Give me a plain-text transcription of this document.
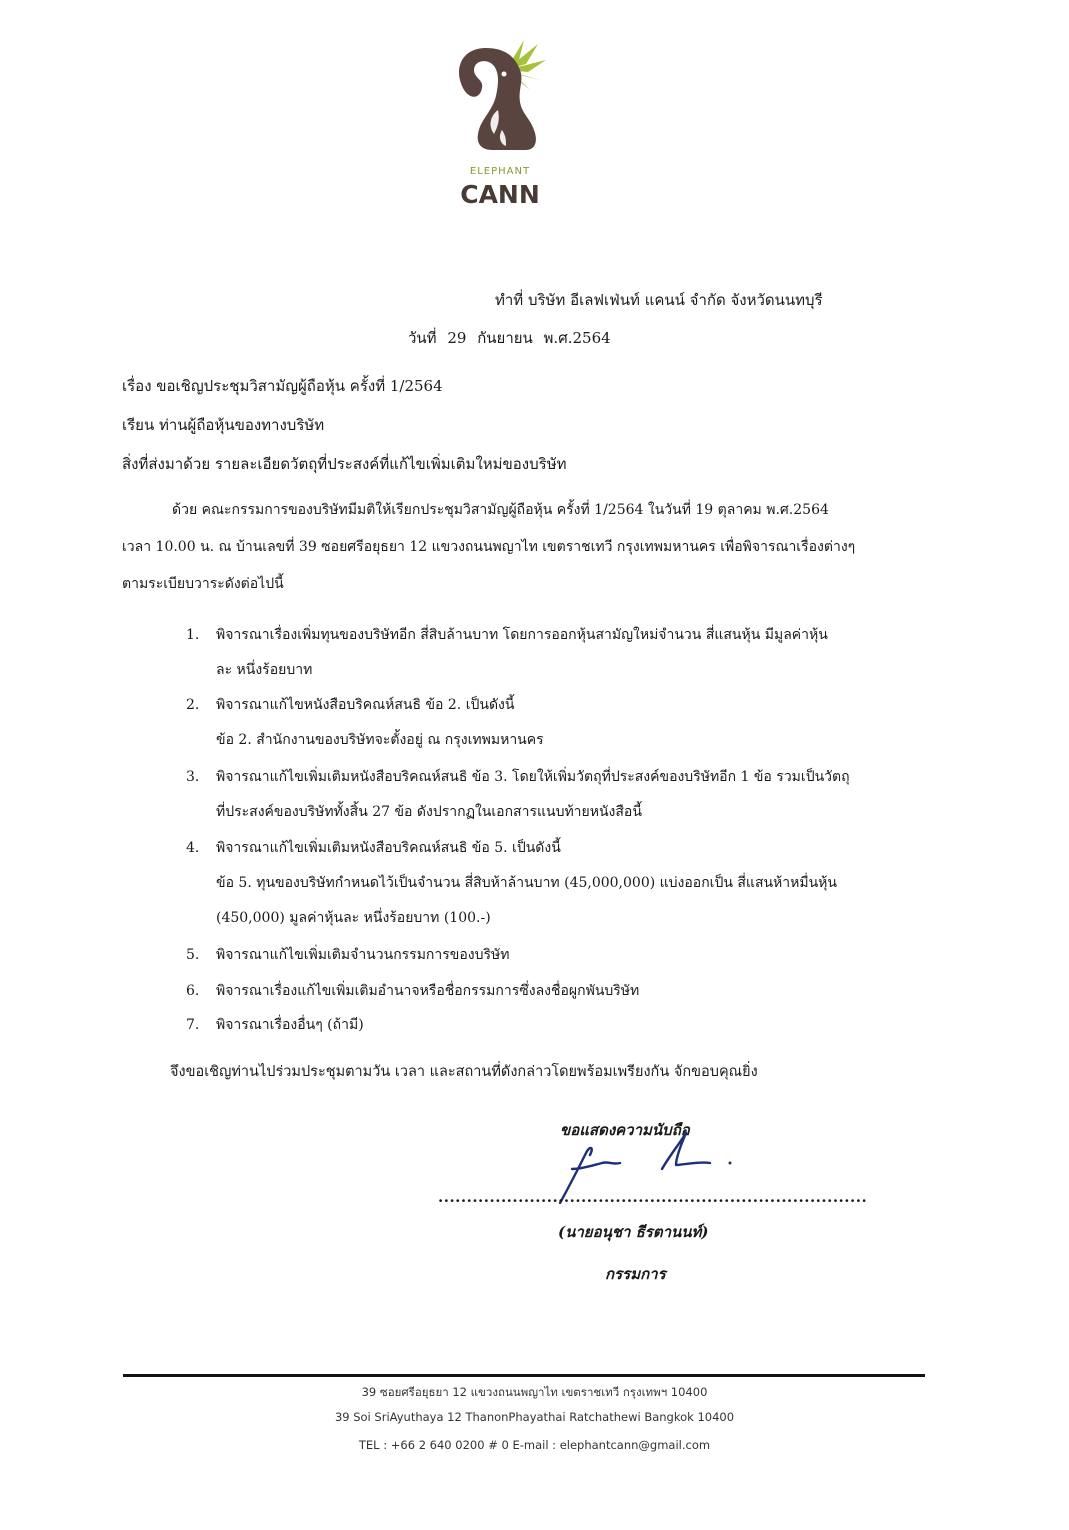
ELEPHANT
CANN
ทำที่ บริษัท อีเลฟเฟ่นท์ แคนน์ จำกัด จังหวัดนนทบุรี
วันที่ 29 กันยายน พ.ศ.2564
เรื่อง ขอเชิญประชุมวิสามัญผู้ถือหุ้น ครั้งที่ 1/2564
เรียน ท่านผู้ถือหุ้นของทางบริษัท
สิ่งที่ส่งมาด้วย รายละเอียดวัตถุที่ประสงค์ที่แก้ไขเพิ่มเติมใหม่ของบริษัท
ด้วย คณะกรรมการของบริษัทมีมติให้เรียกประชุมวิสามัญผู้ถือหุ้น ครั้งที่ 1/2564 ในวันที่ 19 ตุลาคม พ.ศ.2564
เวลา 10.00 น. ณ บ้านเลขที่ 39 ซอยศรีอยุธยา 12 แขวงถนนพญาไท เขตราชเทวี กรุงเทพมหานคร เพื่อพิจารณาเรื่องต่างๆ
ตามระเบียบวาระดังต่อไปนี้
1.	พิจารณาเรื่องเพิ่มทุนของบริษัทอีก สี่สิบล้านบาท โดยการออกหุ้นสามัญใหม่จำนวน สี่แสนหุ้น มีมูลค่าหุ้น
ละ หนึ่งร้อยบาท
2.	พิจารณาแก้ไขหนังสือบริคณห์สนธิ ข้อ 2. เป็นดังนี้
ข้อ 2. สำนักงานของบริษัทจะตั้งอยู่ ณ กรุงเทพมหานคร
3.	พิจารณาแก้ไขเพิ่มเติมหนังสือบริคณห์สนธิ ข้อ 3. โดยให้เพิ่มวัตถุที่ประสงค์ของบริษัทอีก 1 ข้อ รวมเป็นวัตถุ
ที่ประสงค์ของบริษัททั้งสิ้น 27 ข้อ ดังปรากฏในเอกสารแนบท้ายหนังสือนี้
4.	พิจารณาแก้ไขเพิ่มเติมหนังสือบริคณห์สนธิ ข้อ 5. เป็นดังนี้
ข้อ 5. ทุนของบริษัทกำหนดไว้เป็นจำนวน สี่สิบห้าล้านบาท (45,000,000) แบ่งออกเป็น สี่แสนห้าหมื่นหุ้น
(450,000) มูลค่าหุ้นละ หนึ่งร้อยบาท (100.-)
5.	พิจารณาแก้ไขเพิ่มเติมจำนวนกรรมการของบริษัท
6.	พิจารณาเรื่องแก้ไขเพิ่มเติมอำนาจหรือชื่อกรรมการซึ่งลงชื่อผูกพันบริษัท
7.	พิจารณาเรื่องอื่นๆ (ถ้ามี)
จึงขอเชิญท่านไปร่วมประชุมตามวัน เวลา และสถานที่ดังกล่าวโดยพร้อมเพรียงกัน จักขอบคุณยิ่ง
ขอแสดงความนับถือ
...........................................................................
(นายอนุชา ธีรตานนท์)
กรรมการ
39 ซอยศรีอยุธยา 12 แขวงถนนพญาไท เขตราชเทวี กรุงเทพฯ 10400
39 Soi SriAyuthaya 12 ThanonPhayathai Ratchathewi Bangkok 10400
TEL : +66 2 640 0200 # 0 E-mail : elephantcann@gmail.com
